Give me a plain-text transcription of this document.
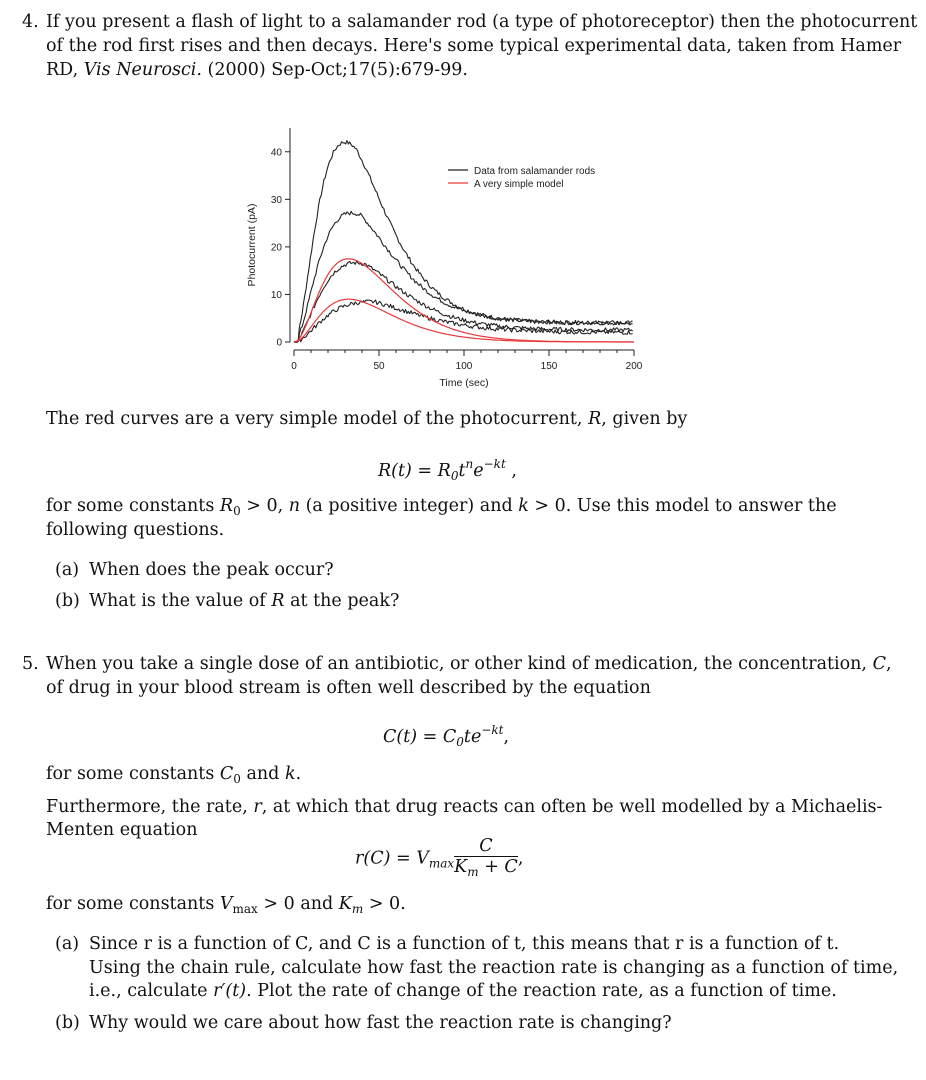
4. If you present a flash of light to a salamander rod (a type of photoreceptor) then the photocurrent
of the rod first rises and then decays. Here's some typical experimental data, taken from Hamer
RD, Vis Neurosci. (2000) Sep-Oct;17(5):679-99.
0
10
20
30
40
0	50	100	150	200
Time (sec)
Photocurrent (pA)
Data from salamander rods
A very simple model
The red curves are a very simple model of the photocurrent, R, given by
$R(t) = R_0t^ne^{-kt}$ ,
for some constants $R_0 > 0$, n (a positive integer) and k > 0. Use this model to answer the
following questions.
(a) When does the peak occur?
(b) What is the value of R at the peak?
5. When you take a single dose of an antibiotic, or other kind of medication, the concentration, C,
of drug in your blood stream is often well described by the equation
$C(t) = C_0te^{-kt}$,
for some constants $C_0$ and k.
Furthermore, the rate, r, at which that drug reacts can often be well modelled by a Michaelis-
Menten equation
$r(C) = V_{max} \frac{C}{K_m + C}$ ,
for some constants $V_{max} > 0$ and $K_m > 0$.
(a) Since r is a function of C, and C is a function of t, this means that r is a function of t.
Using the chain rule, calculate how fast the reaction rate is changing as a function of time,
i.e., calculate r′(t). Plot the rate of change of the reaction rate, as a function of time.
(b) Why would we care about how fast the reaction rate is changing?
